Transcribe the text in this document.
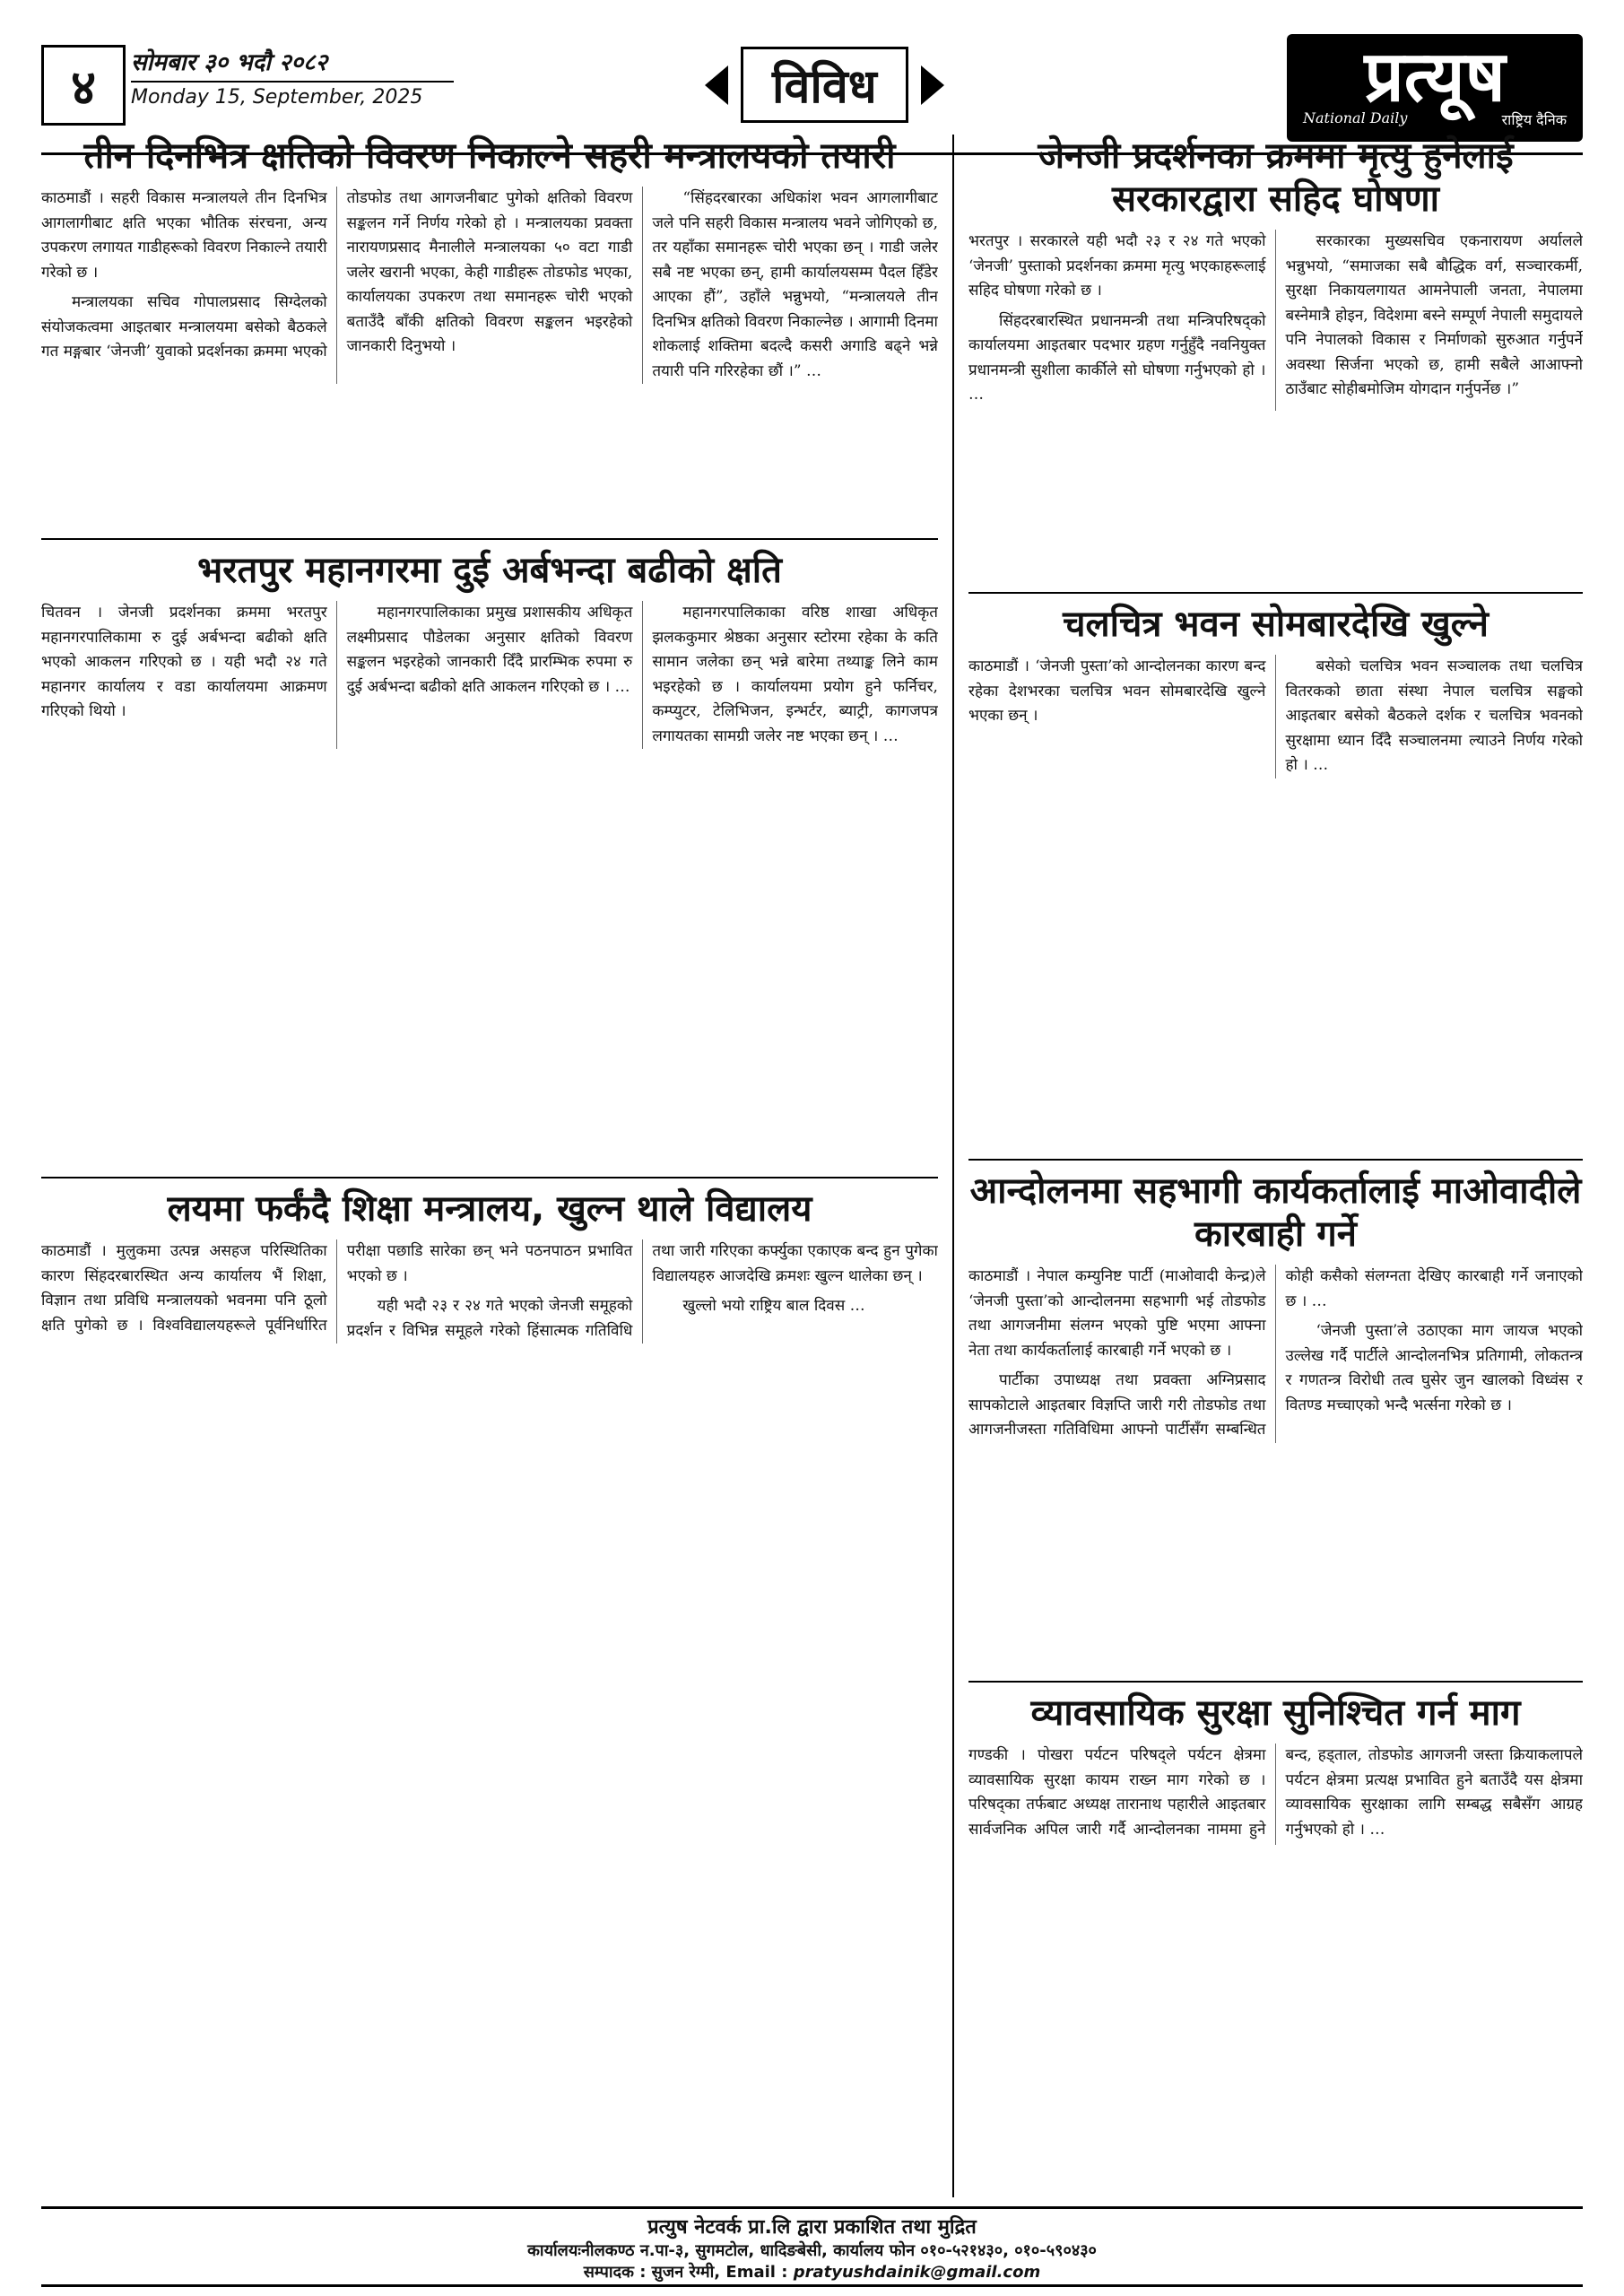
४	सोमबार ३० भदौ २०८२
Monday 15, September, 2025	विविध	प्रत्यूष
National Daily	राष्ट्रिय दैनिक
तीन दिनभित्र क्षतिको विवरण निकाल्ने सहरी मन्त्रालयको तयारी

काठमाडौं । सहरी विकास मन्त्रालयले तीन दिनभित्र आगलागीबाट क्षति भएका भौतिक संरचना, अन्य उपकरण लगायत गाडीहरूको विवरण निकाल्ने तयारी गरेको छ ।

मन्त्रालयका सचिव गोपालप्रसाद सिग्देलको संयोजकत्वमा आइतबार मन्त्रालयमा बसेको बैठकले गत मङ्गबार ‘जेनजी’ युवाको प्रदर्शनका क्रममा भएको तोडफोड तथा आगजनीबाट पुगेको क्षतिको विवरण सङ्कलन गर्ने निर्णय गरेको हो । मन्त्रालयका प्रवक्ता नारायणप्रसाद मैनालीले मन्त्रालयका ५० वटा गाडी जलेर खरानी भएका, केही गाडीहरू तोडफोड भएका, कार्यालयका उपकरण तथा समानहरू चोरी भएको बताउँदै बाँकी क्षतिको विवरण सङ्कलन भइरहेको जानकारी दिनुभयो ।

“सिंहदरबारका अधिकांश भवन आगलागीबाट जले पनि सहरी विकास मन्त्रालय भवने जोगिएको छ, तर यहाँका समानहरू चोरी भएका छन् । गाडी जलेर सबै नष्ट भएका छन्, हामी कार्यालयसम्म पैदल हिँडेर आएका हौं”, उहाँले भन्नुभयो, “मन्त्रालयले तीन दिनभित्र क्षतिको विवरण निकाल्नेछ । आगामी दिनमा शोकलाई शक्तिमा बदल्दै कसरी अगाडि बढ्ने भन्ने तयारी पनि गरिरहेका छौं ।” …

जेनजी प्रदर्शनका क्रममा मृत्यु हुनेलाई सरकारद्वारा सहिद घोषणा

भरतपुर । सरकारले यही भदौ २३ र २४ गते भएको ‘जेनजी’ पुस्ताको प्रदर्शनका क्रममा मृत्यु भएकाहरूलाई सहिद घोषणा गरेको छ ।

सिंहदरबारस्थित प्रधानमन्त्री तथा मन्त्रिपरिषद्को कार्यालयमा आइतबार पदभार ग्रहण गर्नुहुँदै नवनियुक्त प्रधानमन्त्री सुशीला कार्कीले सो घोषणा गर्नुभएको हो । …

सरकारका मुख्यसचिव एकनारायण अर्यालले भन्नुभयो, “समाजका सबै बौद्धिक वर्ग, सञ्चारकर्मी, सुरक्षा निकायलगायत आमनेपाली जनता, नेपालमा बस्नेमात्रै होइन, विदेशमा बस्ने सम्पूर्ण नेपाली समुदायले पनि नेपालको विकास र निर्माणको सुरुआत गर्नुपर्ने अवस्था सिर्जना भएको छ, हामी सबैले आआफ्नो ठाउँबाट सोहीबमोजिम योगदान गर्नुपर्नेछ ।”

भरतपुर महानगरमा दुई अर्बभन्दा बढीको क्षति

चितवन । जेनजी प्रदर्शनका क्रममा भरतपुर महानगरपालिकामा रु दुई अर्बभन्दा बढीको क्षति भएको आकलन गरिएको छ । यही भदौ २४ गते महानगर कार्यालय र वडा कार्यालयमा आक्रमण गरिएको थियो ।

महानगरपालिकाका प्रमुख प्रशासकीय अधिकृत लक्ष्मीप्रसाद पौडेलका अनुसार क्षतिको विवरण सङ्कलन भइरहेको जानकारी दिँदै प्रारम्भिक रुपमा रु दुई अर्बभन्दा बढीको क्षति आकलन गरिएको छ । …

महानगरपालिकाका वरिष्ठ शाखा अधिकृत झलककुमार श्रेष्ठका अनुसार स्टोरमा रहेका के कति सामान जलेका छन् भन्ने बारेमा तथ्याङ्क लिने काम भइरहेको छ । कार्यालयमा प्रयोग हुने फर्निचर, कम्प्युटर, टेलिभिजन, इन्भर्टर, ब्याट्री, कागजपत्र लगायतका सामग्री जलेर नष्ट भएका छन् । …

चलचित्र भवन सोमबारदेखि खुल्ने

काठमाडौं । ‘जेनजी पुस्ता’को आन्दोलनका कारण बन्द रहेका देशभरका चलचित्र भवन सोमबारदेखि खुल्ने भएका छन् ।

बसेको चलचित्र भवन सञ्चालक तथा चलचित्र वितरकको छाता संस्था नेपाल चलचित्र सङ्घको आइतबार बसेको बैठकले दर्शक र चलचित्र भवनको सुरक्षामा ध्यान दिँदै सञ्चालनमा ल्याउने निर्णय गरेको हो । …

लयमा फर्कंदै शिक्षा मन्त्रालय, खुल्न थाले विद्यालय

काठमाडौं । मुलुकमा उत्पन्न असहज परिस्थितिका कारण सिंहदरबारस्थित अन्य कार्यालय भैं शिक्षा, विज्ञान तथा प्रविधि मन्त्रालयको भवनमा पनि ठूलो क्षति पुगेको छ । विश्वविद्यालयहरूले पूर्वनिर्धारित परीक्षा पछाडि सारेका छन् भने पठनपाठन प्रभावित भएको छ ।

यही भदौ २३ र २४ गते भएको जेनजी समूहको प्रदर्शन र विभिन्न समूहले गरेको हिंसात्मक गतिविधि तथा जारी गरिएका कर्फ्युका एकाएक बन्द हुन पुगेका विद्यालयहरु आजदेखि क्रमशः खुल्न थालेका छन् ।

खुल्लो भयो राष्ट्रिय बाल दिवस …

आन्दोलनमा सहभागी कार्यकर्तालाई माओवादीले कारबाही गर्ने

काठमाडौं । नेपाल कम्युनिष्ट पार्टी (माओवादी केन्द्र)ले ‘जेनजी पुस्ता’को आन्दोलनमा सहभागी भई तोडफोड तथा आगजनीमा संलग्न भएको पुष्टि भएमा आफ्ना नेता तथा कार्यकर्तालाई कारबाही गर्ने भएको छ ।

पार्टीका उपाध्यक्ष तथा प्रवक्ता अग्निप्रसाद सापकोटाले आइतबार विज्ञप्ति जारी गरी तोडफोड तथा आगजनीजस्ता गतिविधिमा आफ्नो पार्टीसँग सम्बन्धित कोही कसैको संलग्नता देखिए कारबाही गर्ने जनाएको छ । …

‘जेनजी पुस्ता’ले उठाएका माग जायज भएको उल्लेख गर्दै पार्टीले आन्दोलनभित्र प्रतिगामी, लोकतन्त्र र गणतन्त्र विरोधी तत्व घुसेर जुन खालको विध्वंस र वितण्ड मच्चाएको भन्दै भर्त्सना गरेको छ ।

व्यावसायिक सुरक्षा सुनिश्चित गर्न माग

गण्डकी । पोखरा पर्यटन परिषद्ले पर्यटन क्षेत्रमा व्यावसायिक सुरक्षा कायम राख्न माग गरेको छ । परिषद्का तर्फबाट अध्यक्ष तारानाथ पहारीले आइतबार सार्वजनिक अपिल जारी गर्दै आन्दोलनका नाममा हुने बन्द, हड्ताल, तोडफोड आगजनी जस्ता क्रियाकलापले पर्यटन क्षेत्रमा प्रत्यक्ष प्रभावित हुने बताउँदै यस क्षेत्रमा व्यावसायिक सुरक्षाका लागि सम्बद्ध सबैसँग आग्रह गर्नुभएको हो । …

प्रत्युष नेटवर्क प्रा.लि द्वारा प्रकाशित तथा मुद्रित
कार्यालयःनीलकण्ठ न.पा-३, सुगमटोल, धादिङबेसी, कार्यालय फोन ०१०-५२१४३०, ०१०-५९०४३०
सम्पादक : सुजन रेग्मी, Email : pratyushdainik@gmail.com
